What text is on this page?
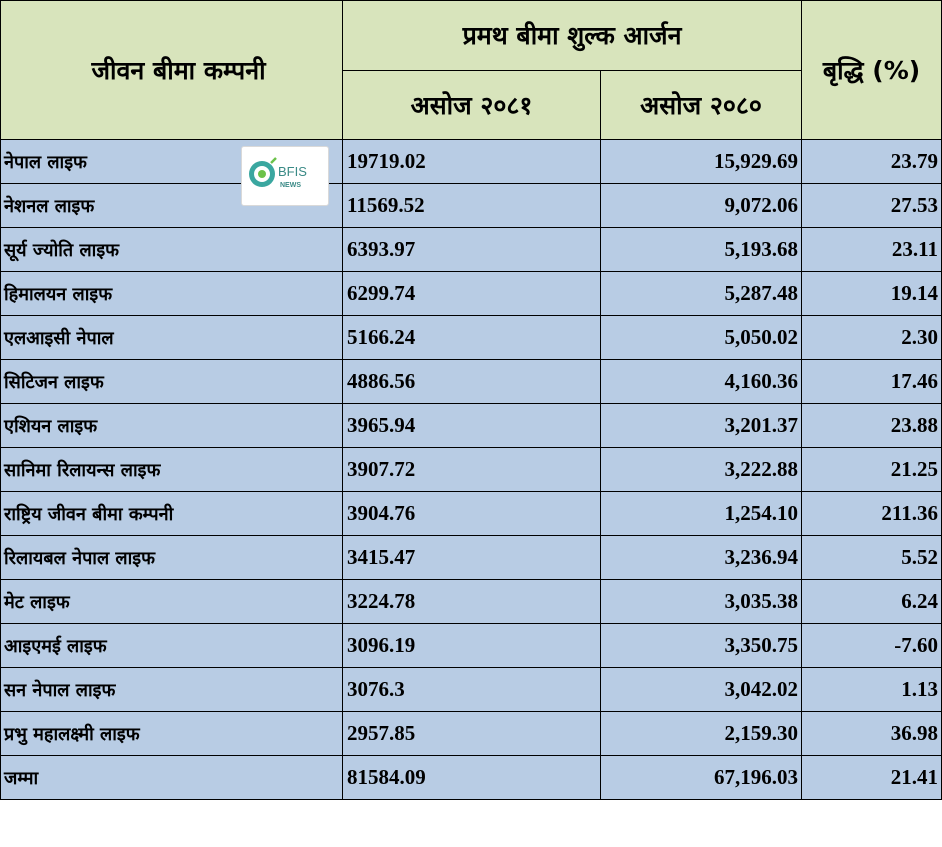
जीवन बीमा कम्पनी	प्रमथ बीमा शुल्क आर्जन		बृद्धि (%)
	असोज २०८१	असोज २०८०	
नेपाल लाइफ	19719.02	15,929.69	23.79
नेशनल लाइफ	11569.52	9,072.06	27.53
सूर्य ज्योति लाइफ	6393.97	5,193.68	23.11
हिमालयन लाइफ	6299.74	5,287.48	19.14
एलआइसी नेपाल	5166.24	5,050.02	2.30
सिटिजन लाइफ	4886.56	4,160.36	17.46
एशियन लाइफ	3965.94	3,201.37	23.88
सानिमा रिलायन्स लाइफ	3907.72	3,222.88	21.25
राष्ट्रिय जीवन बीमा कम्पनी	3904.76	1,254.10	211.36
रिलायबल नेपाल लाइफ	3415.47	3,236.94	5.52
मेट लाइफ	3224.78	3,035.38	6.24
आइएमई लाइफ	3096.19	3,350.75	-7.60
सन नेपाल लाइफ	3076.3	3,042.02	1.13
प्रभु महालक्ष्मी लाइफ	2957.85	2,159.30	36.98
जम्मा	81584.09	67,196.03	21.41
BFIS
NEWS
